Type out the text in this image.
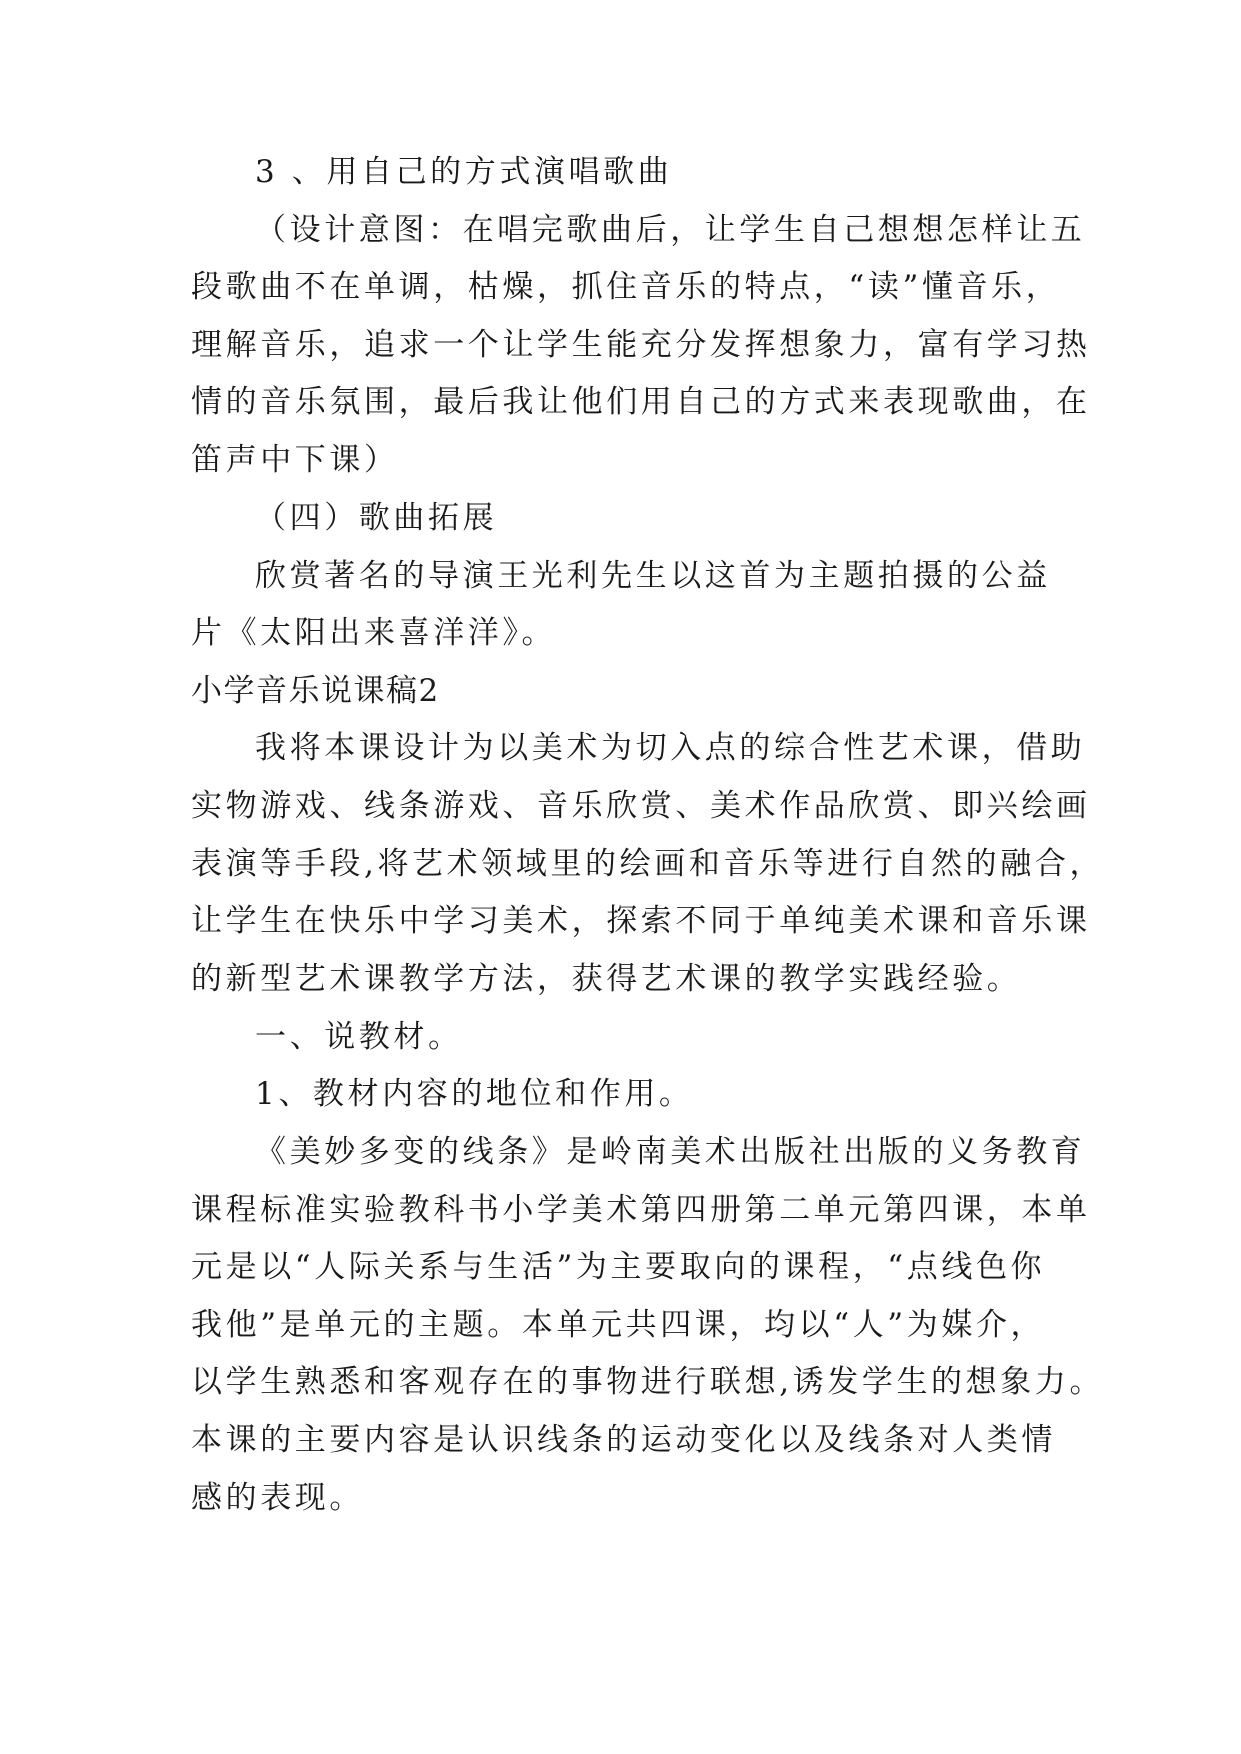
3 、用自己的方式演唱歌曲
（设计意图：在唱完歌曲后，让学生自己想想怎样让五
段歌曲不在单调，枯燥，抓住音乐的特点，“读”懂音乐，
理解音乐，追求一个让学生能充分发挥想象力，富有学习热
情的音乐氛围，最后我让他们用自己的方式来表现歌曲，在
笛声中下课）
（四）歌曲拓展
欣赏著名的导演王光利先生以这首为主题拍摄的公益
片《太阳出来喜洋洋》。
小学音乐说课稿2
我将本课设计为以美术为切入点的综合性艺术课，借助
实物游戏、线条游戏、音乐欣赏、美术作品欣赏、即兴绘画
表演等手段,将艺术领域里的绘画和音乐等进行自然的融合，
让学生在快乐中学习美术，探索不同于单纯美术课和音乐课
的新型艺术课教学方法，获得艺术课的教学实践经验。
一、说教材。
1、教材内容的地位和作用。
《美妙多变的线条》是岭南美术出版社出版的义务教育
课程标准实验教科书小学美术第四册第二单元第四课，本单
元是以“人际关系与生活”为主要取向的课程，“点线色你
我他”是单元的主题。本单元共四课，均以“人”为媒介，
以学生熟悉和客观存在的事物进行联想,诱发学生的想象力。
本课的主要内容是认识线条的运动变化以及线条对人类情
感的表现。
